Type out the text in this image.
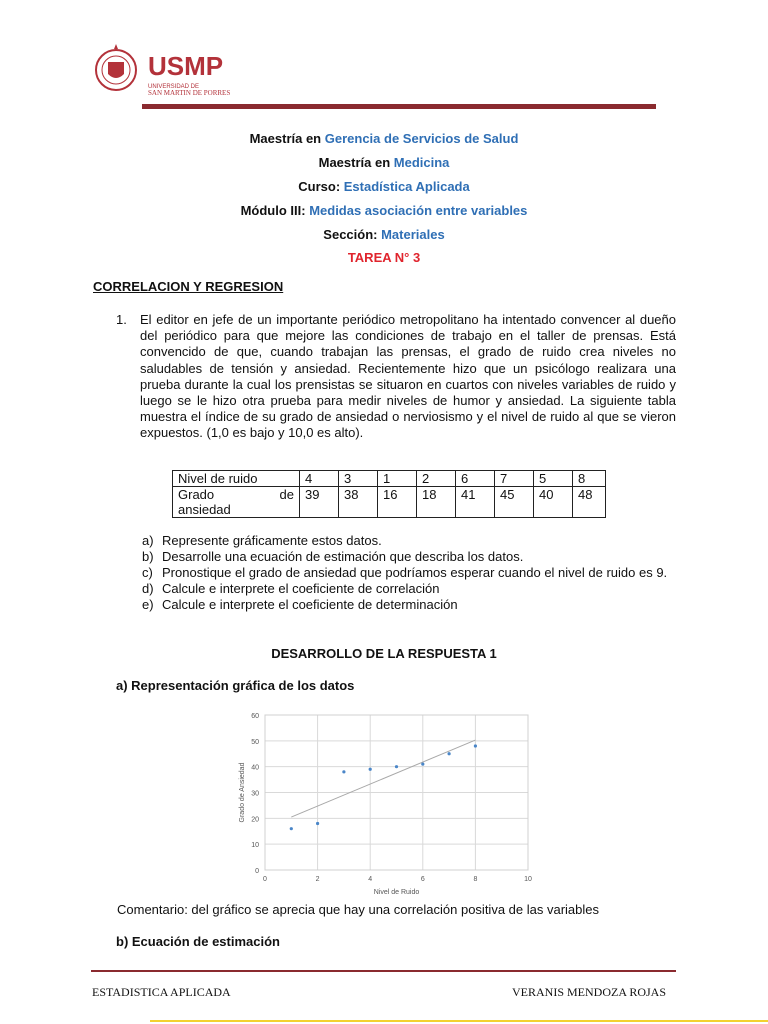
USMP
UNIVERSIDAD DE
SAN MARTIN DE PORRES
Maestría en Gerencia de Servicios de Salud
Maestría en Medicina
Curso: Estadística Aplicada
Módulo III: Medidas asociación entre variables
Sección: Materiales
TAREA N° 3
CORRELACION Y REGRESION
1. El editor en jefe de un importante periódico metropolitano ha intentado convencer al dueño del periódico para que mejore las condiciones de trabajo en el taller de prensas. Está convencido de que, cuando trabajan las prensas, el grado de ruido crea niveles no saludables de tensión y ansiedad. Recientemente hizo que un psicólogo realizara una prueba durante la cual los prensistas se situaron en cuartos con niveles variables de ruido y luego se le hizo otra prueba para medir niveles de humor y ansiedad. La siguiente tabla muestra el índice de su grado de ansiedad o nerviosismo y el nivel de ruido al que se vieron expuestos. (1,0 es bajo y 10,0 es alto).
Nivel de ruido	4	3	1	2	6	7	5	8

Grado de
ansiedad	39	38	16	18	41	45	40	48
a) Represente gráficamente estos datos.
b) Desarrolle una ecuación de estimación que describa los datos.
c) Pronostique el grado de ansiedad que podríamos esperar cuando el nivel de ruido es 9.
d) Calcule e interprete el coeficiente de correlación
e) Calcule e interprete el coeficiente de determinación
DESARROLLO DE LA RESPUESTA 1
a) Representación gráfica de los datos
0
10
20
30
40
50
60
0	2	4	6	8	10
Nivel de Ruido
Grado de Ansiedad
Comentario: del gráfico se aprecia que hay una correlación positiva de las variables
b) Ecuación de estimación
ESTADISTICA APLICADA	VERANIS MENDOZA ROJAS
